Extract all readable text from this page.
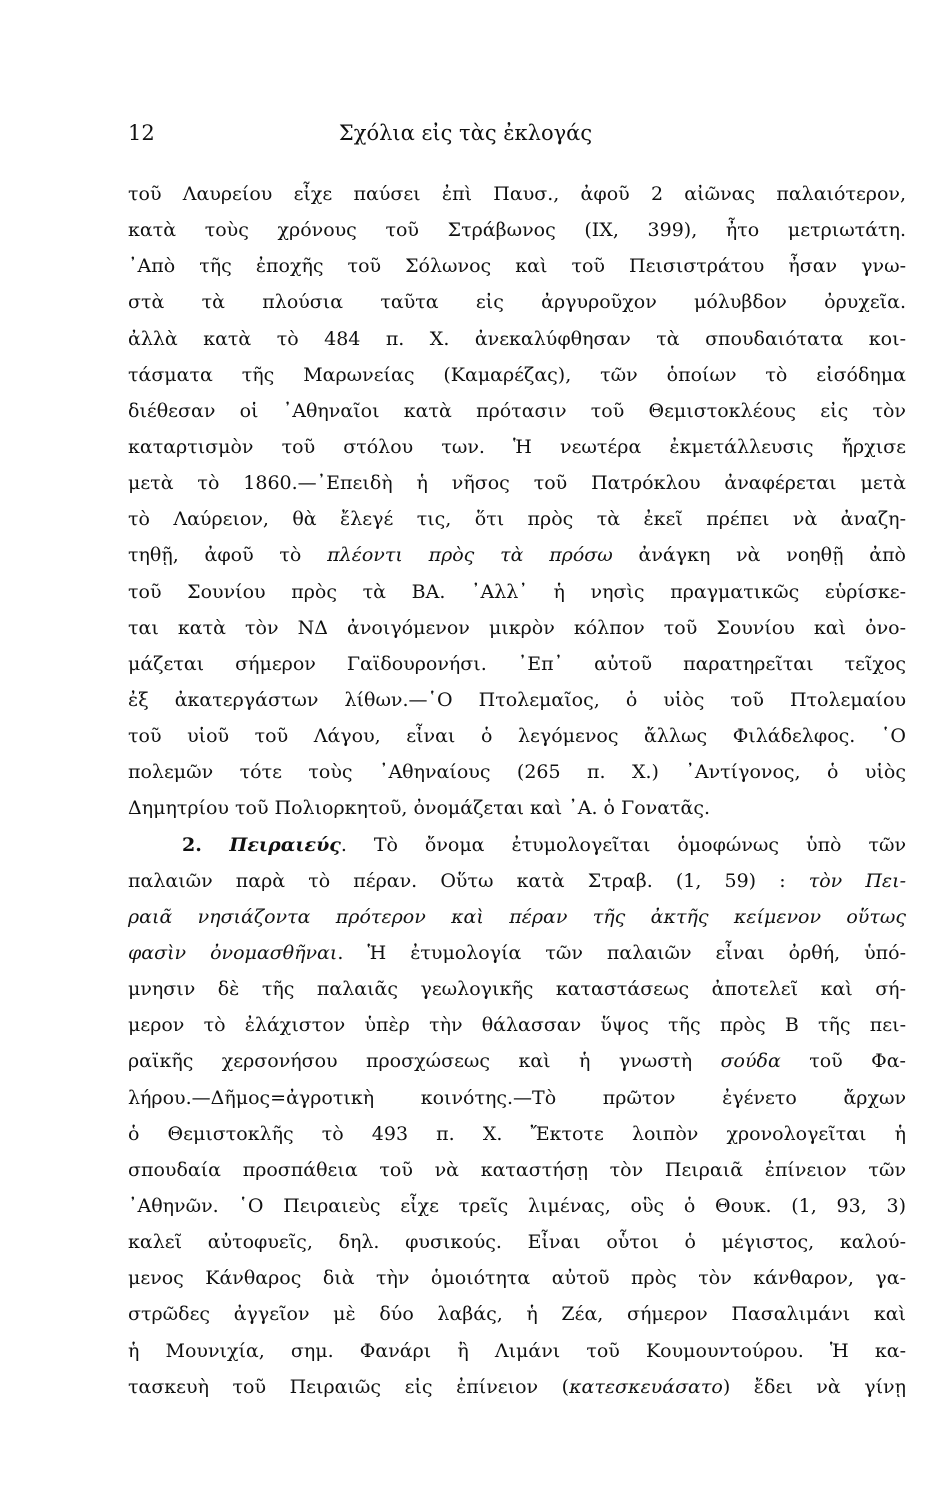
12	Σχόλια εἰς τὰς ἐκλογάς
τοῦ Λαυρείου εἶχε παύσει ἐπὶ Παυσ., ἀφοῦ 2 αἰῶνας παλαιότερον,
κατὰ τοὺς χρόνους τοῦ Στράβωνος (IX, 399), ἦτο μετριωτάτη.
᾿Απὸ τῆς ἐποχῆς τοῦ Σόλωνος καὶ τοῦ Πεισιστράτου ἦσαν γνω-
στὰ τὰ πλούσια ταῦτα εἰς ἀργυροῦχον μόλυβδον ὀρυχεῖα.
ἀλλὰ κατὰ τὸ 484 π. Χ. ἀνεκαλύφθησαν τὰ σπουδαιότατα κοι-
τάσματα τῆς Μαρωνείας (Καμαρέζας), τῶν ὁποίων τὸ εἰσόδημα
διέθεσαν οἱ ᾿Αθηναῖοι κατὰ πρότασιν τοῦ Θεμιστοκλέους εἰς τὸν
καταρτισμὸν τοῦ στόλου των. Ἡ νεωτέρα ἐκμετάλλευσις ἤρχισε
μετὰ τὸ 1860.—᾿Επειδὴ ἡ νῆσος τοῦ Πατρόκλου ἀναφέρεται μετὰ
τὸ Λαύρειον, θὰ ἔλεγέ τις, ὅτι πρὸς τὰ ἐκεῖ πρέπει νὰ ἀναζη-
τηθῇ, ἀφοῦ τὸ πλέοντι πρὸς τὰ πρόσω ἀνάγκη νὰ νοηθῇ ἀπὸ
τοῦ Σουνίου πρὸς τὰ ΒΑ. ᾿Αλλ᾿ ἡ νησὶς πραγματικῶς εὑρίσκε-
ται κατὰ τὸν ΝΔ ἀνοιγόμενον μικρὸν κόλπον τοῦ Σουνίου καὶ ὀνο-
μάζεται σήμερον Γαϊδουρονήσι. ᾿Επ᾿ αὐτοῦ παρατηρεῖται τεῖχος
ἐξ ἀκατεργάστων λίθων.—῾Ο Πτολεμαῖος, ὁ υἱὸς τοῦ Πτολεμαίου
τοῦ υἱοῦ τοῦ Λάγου, εἶναι ὁ λεγόμενος ἄλλως Φιλάδελφος. ῾Ο
πολεμῶν τότε τοὺς ᾿Αθηναίους (265 π. Χ.) ᾿Αντίγονος, ὁ υἱὸς
Δημητρίου τοῦ Πολιορκητοῦ, ὀνομάζεται καὶ ᾿Α. ὁ Γονατᾶς.
2. Πειραιεύς. Τὸ ὄνομα ἐτυμολογεῖται ὁμοφώνως ὑπὸ τῶν
παλαιῶν παρὰ τὸ πέραν. Οὕτω κατὰ Στραβ. (1, 59) : τὸν Πει-
ραιᾶ νησιάζοντα πρότερον καὶ πέραν τῆς ἀκτῆς κείμενον οὕτως
φασὶν ὀνομασθῆναι. Ἡ ἐτυμολογία τῶν παλαιῶν εἶναι ὀρθή, ὑπό-
μνησιν δὲ τῆς παλαιᾶς γεωλογικῆς καταστάσεως ἀποτελεῖ καὶ σή-
μερον τὸ ἐλάχιστον ὑπὲρ τὴν θάλασσαν ὕψος τῆς πρὸς Β τῆς πει-
ραϊκῆς χερσονήσου προσχώσεως καὶ ἡ γνωστὴ σούδα τοῦ Φα-
λήρου.—Δῆμος=ἀγροτικὴ κοινότης.—Τὸ πρῶτον ἐγένετο ἄρχων
ὁ Θεμιστοκλῆς τὸ 493 π. Χ. Ἔκτοτε λοιπὸν χρονολογεῖται ἡ
σπουδαία προσπάθεια τοῦ νὰ καταστήσῃ τὸν Πειραιᾶ ἐπίνειον τῶν
᾿Αθηνῶν. ῾Ο Πειραιεὺς εἶχε τρεῖς λιμένας, οὓς ὁ Θουκ. (1, 93, 3)
καλεῖ αὐτοφυεῖς, δηλ. φυσικούς. Εἶναι οὗτοι ὁ μέγιστος, καλού-
μενος Κάνθαρος διὰ τὴν ὁμοιότητα αὐτοῦ πρὸς τὸν κάνθαρον, γα-
στρῶδες ἀγγεῖον μὲ δύο λαβάς, ἡ Ζέα, σήμερον Πασαλιμάνι καὶ
ἡ Μουνιχία, σημ. Φανάρι ἢ Λιμάνι τοῦ Κουμουντούρου. Ἡ κα-
τασκευὴ τοῦ Πειραιῶς εἰς ἐπίνειον (κατεσκευάσατο) ἔδει νὰ γίνῃ
